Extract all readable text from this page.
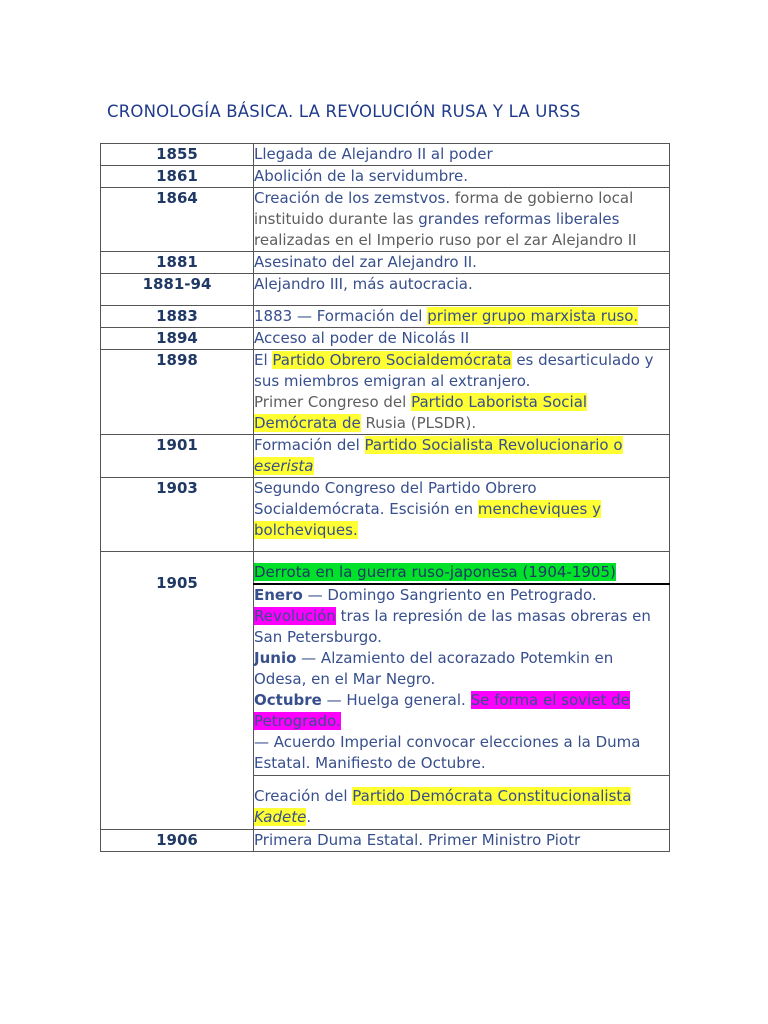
CRONOLOGÍA BÁSICA. LA REVOLUCIÓN RUSA Y LA URSS
1855	Llegada de Alejandro II al poder
1861	Abolición de la servidumbre.
1864	Creación de los zemstvos. forma de gobierno local instituido durante las grandes reformas liberales realizadas en el Imperio ruso por el zar Alejandro II
1881	Asesinato del zar Alejandro II.
1881-94	Alejandro III, más autocracia.
1883	1883 — Formación del primer grupo marxista ruso.
1894	Acceso al poder de Nicolás II
1898	El Partido Obrero Socialdemócrata es desarticulado y sus miembros emigran al extranjero.
Primer Congreso del Partido Laborista Social Demócrata de Rusia (PLSDR).
1901	Formación del Partido Socialista Revolucionario o eserista
1903	Segundo Congreso del Partido Obrero Socialdemócrata. Escisión en mencheviques y bolcheviques.
1905	Derrota en la guerra ruso-japonesa (1904-1905)
	Enero — Domingo Sangriento en Petrogrado. Revolución tras la represión de las masas obreras en San Petersburgo.
Junio — Alzamiento del acorazado Potemkin en Odesa, en el Mar Negro.
Octubre — Huelga general. Se forma el soviet de Petrogrado.
— Acuerdo Imperial convocar elecciones a la Duma Estatal. Manifiesto de Octubre.
	Creación del Partido Demócrata Constitucionalista
Kadete.
1906	Primera Duma Estatal. Primer Ministro Piotr
